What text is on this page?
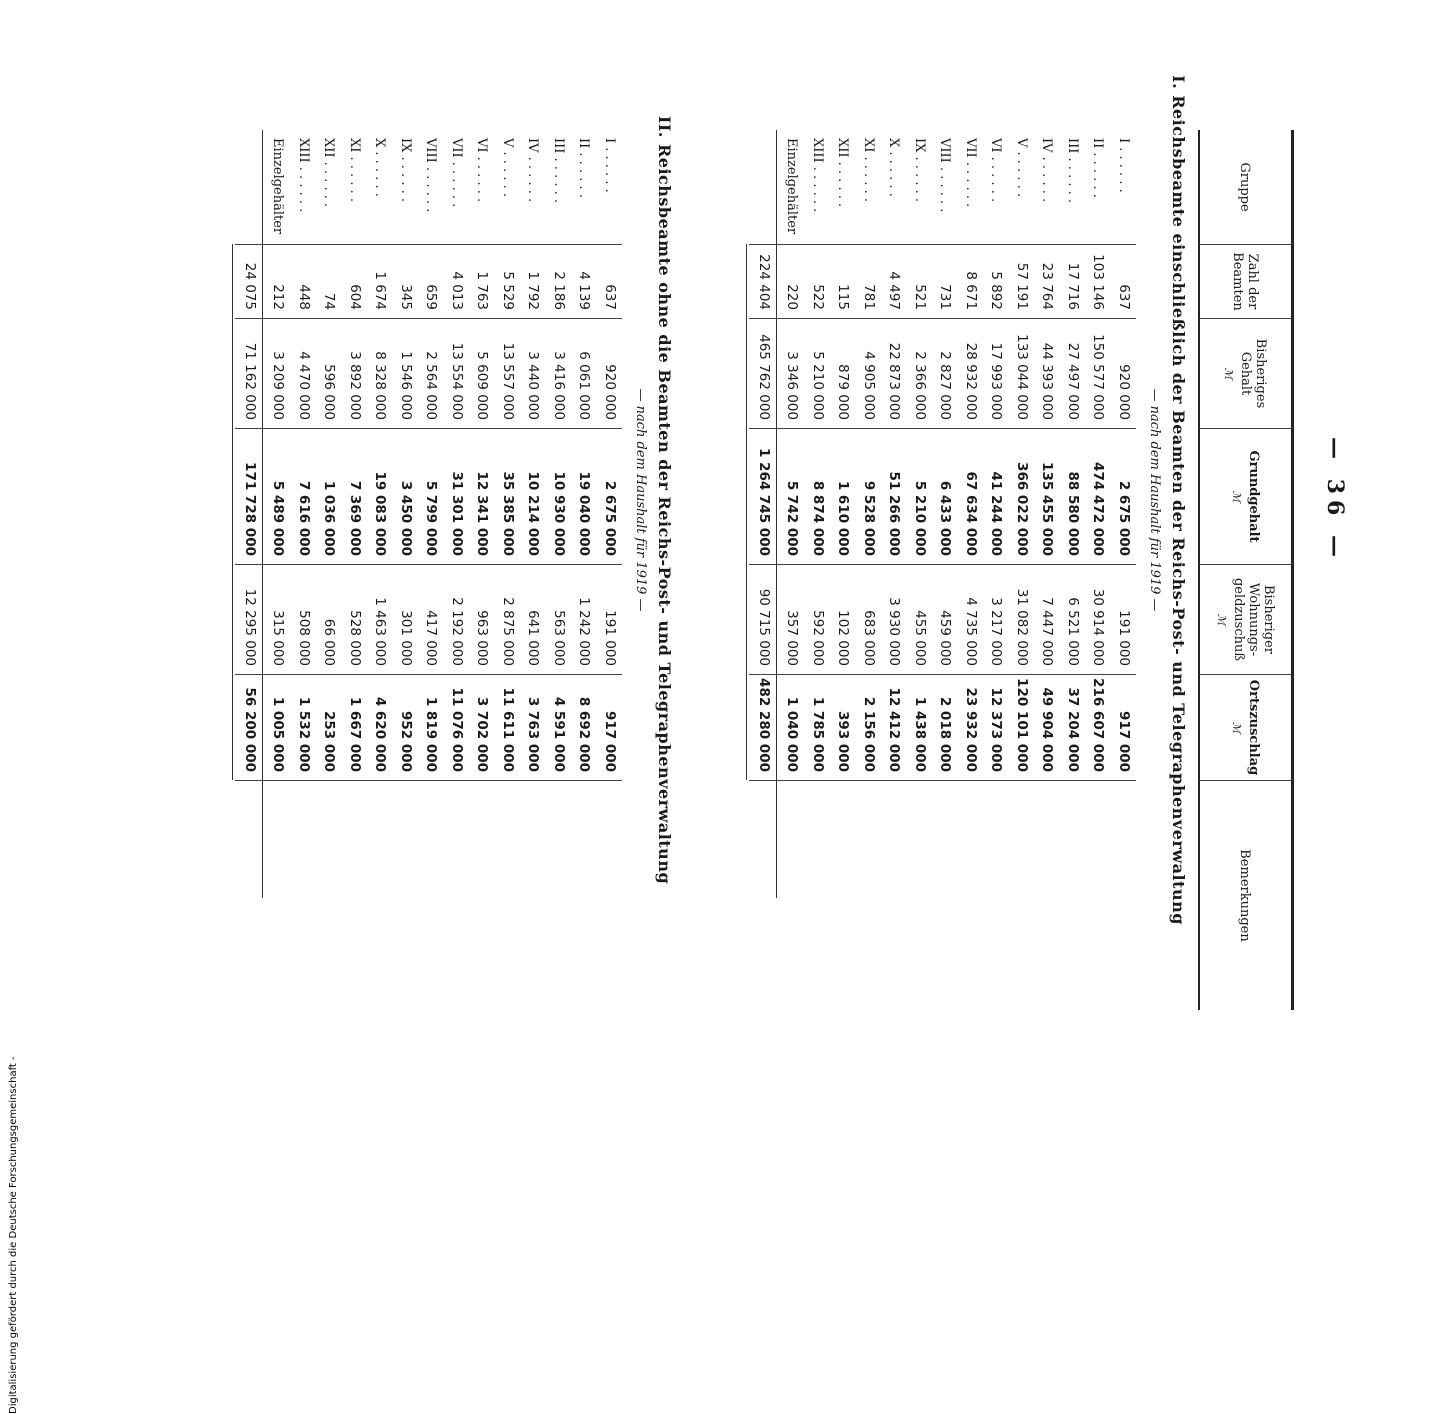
— 36 —
Gruppe
Zahl der Beamten
Bisheriges Gehalt
ℳ
Grundgehalt
ℳ
Bisheriger Wohnungs- geldzuschuß
ℳ
Ortszuschlag
ℳ
Bemerkungen
I. Reichsbeamte einschließlich der Beamten der Reichs-Post- und Telegraphenverwaltung
— nach dem Haushalt für 1919 —
I . . . . . .
637
920 000
2 675 000
191 000
917 000
II . . . . . .
103 146
150 577 000
474 472 000
30 914 000
216 607 000
III . . . . . .
17 716
27 497 000
88 580 000
6 521 000
37 204 000
IV . . . . . .
23 764
44 393 000
135 455 000
7 447 000
49 904 000
V . . . . . .
57 191
133 044 000
366 022 000
31 082 000
120 101 000
VI . . . . . .
5 892
17 993 000
41 244 000
3 217 000
12 373 000
VII . . . . . .
8 671
28 932 000
67 634 000
4 735 000
23 932 000
VIII . . . . . .
731
2 827 000
6 433 000
459 000
2 018 000
IX . . . . . .
521
2 366 000
5 210 000
455 000
1 438 000
X . . . . . .
4 497
22 873 000
51 266 000
3 930 000
12 412 000
XI . . . . . .
781
4 905 000
9 528 000
683 000
2 156 000
XII . . . . . .
115
879 000
1 610 000
102 000
393 000
XIII . . . . . .
522
5 210 000
8 874 000
592 000
1 785 000
Einzelgehälter
220
3 346 000
5 742 000
357 000
1 040 000
224 404
465 762 000
1 264 745 000
90 715 000
482 280 000
II. Reichsbeamte ohne die Beamten der Reichs-Post- und Telegraphenverwaltung
— nach dem Haushalt für 1919 —
I . . . . . .
637
920 000
2 675 000
191 000
917 000
II . . . . . .
4 139
6 061 000
19 040 000
1 242 000
8 692 000
III . . . . . .
2 186
3 416 000
10 930 000
563 000
4 591 000
IV . . . . . .
1 792
3 440 000
10 214 000
641 000
3 763 000
V . . . . . .
5 529
13 557 000
35 385 000
2 875 000
11 611 000
VI . . . . . .
1 763
5 609 000
12 341 000
963 000
3 702 000
VII . . . . . .
4 013
13 554 000
31 301 000
2 192 000
11 076 000
VIII . . . . . .
659
2 564 000
5 799 000
417 000
1 819 000
IX . . . . . .
345
1 546 000
3 450 000
301 000
952 000
X . . . . . .
1 674
8 328 000
19 083 000
1 463 000
4 620 000
XI . . . . . .
604
3 892 000
7 369 000
528 000
1 667 000
XII . . . . . .
74
596 000
1 036 000
66 000
253 000
XIII . . . . . .
448
4 470 000
7 616 000
508 000
1 532 000
Einzelgehälter
212
3 209 000
5 489 000
315 000
1 005 000
24 075
71 162 000
171 728 000
12 295 000
56 200 000
Digitalisierung gefördert durch die Deutsche Forschungsgemeinschaft -
